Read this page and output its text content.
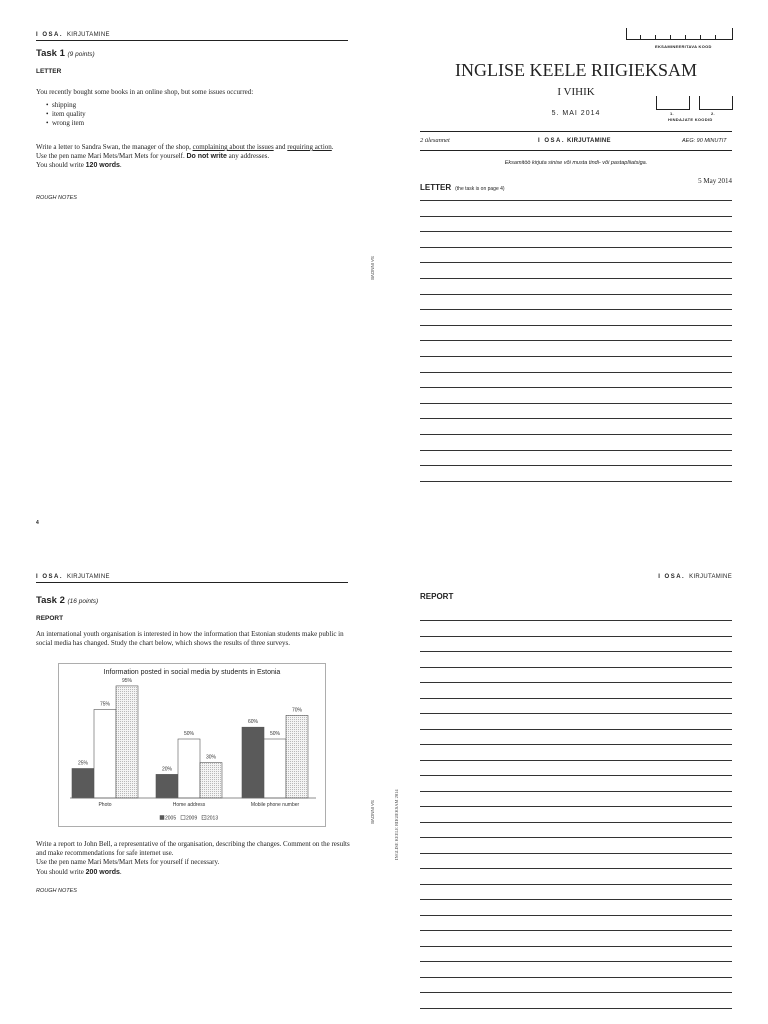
I OSA. KIRJUTAMINE
Task 1 (9 points)
LETTER
You recently bought some books in an online shop, but some issues occurred:
• shipping
• item quality
• wrong item
Write a letter to Sandra Swan, the manager of the shop, complaining about the issues and requiring action.
Use the pen name Mari Mets/Mart Mets for yourself. Do not write any addresses.
You should write 120 words.
ROUGH NOTES
4
SA INNOVE
EKSAMINEERITAVA KOOD
INGLISE KEELE RIIGIEKSAM
I VIHIK
5. MAI 2014	1.	2.
HINDAJATE KOODID
2 ülesannet	I OSA. KIRJUTAMINE	AEG: 90 MINUTIT
Eksamitöö kirjuta sinise või musta tindi- või pastapliiatsiga.
LETTER (the task is on page 4)
5 May 2014
I OSA. KIRJUTAMINE
Task 2 (16 points)
REPORT
An international youth organisation is interested in how the information that Estonian students make public in social media has changed. Study the chart below, which shows the results of three surveys.
Information posted in social media by students in Estonia
25%
75%
95%
Photo
20%
50%
30%
Home address
60%
50%
70%
Mobile phone number
2005 2009 2013
Write a report to John Bell, a representative of the organisation, describing the changes. Comment on the results and make recommendations for safe internet use.
Use the pen name Mari Mets/Mart Mets for yourself if necessary.
You should write 200 words.
ROUGH NOTES
SA INNOVE	INGLISE KEELE RIIGIEKSAM 2014
I OSA. KIRJUTAMINE
REPORT
